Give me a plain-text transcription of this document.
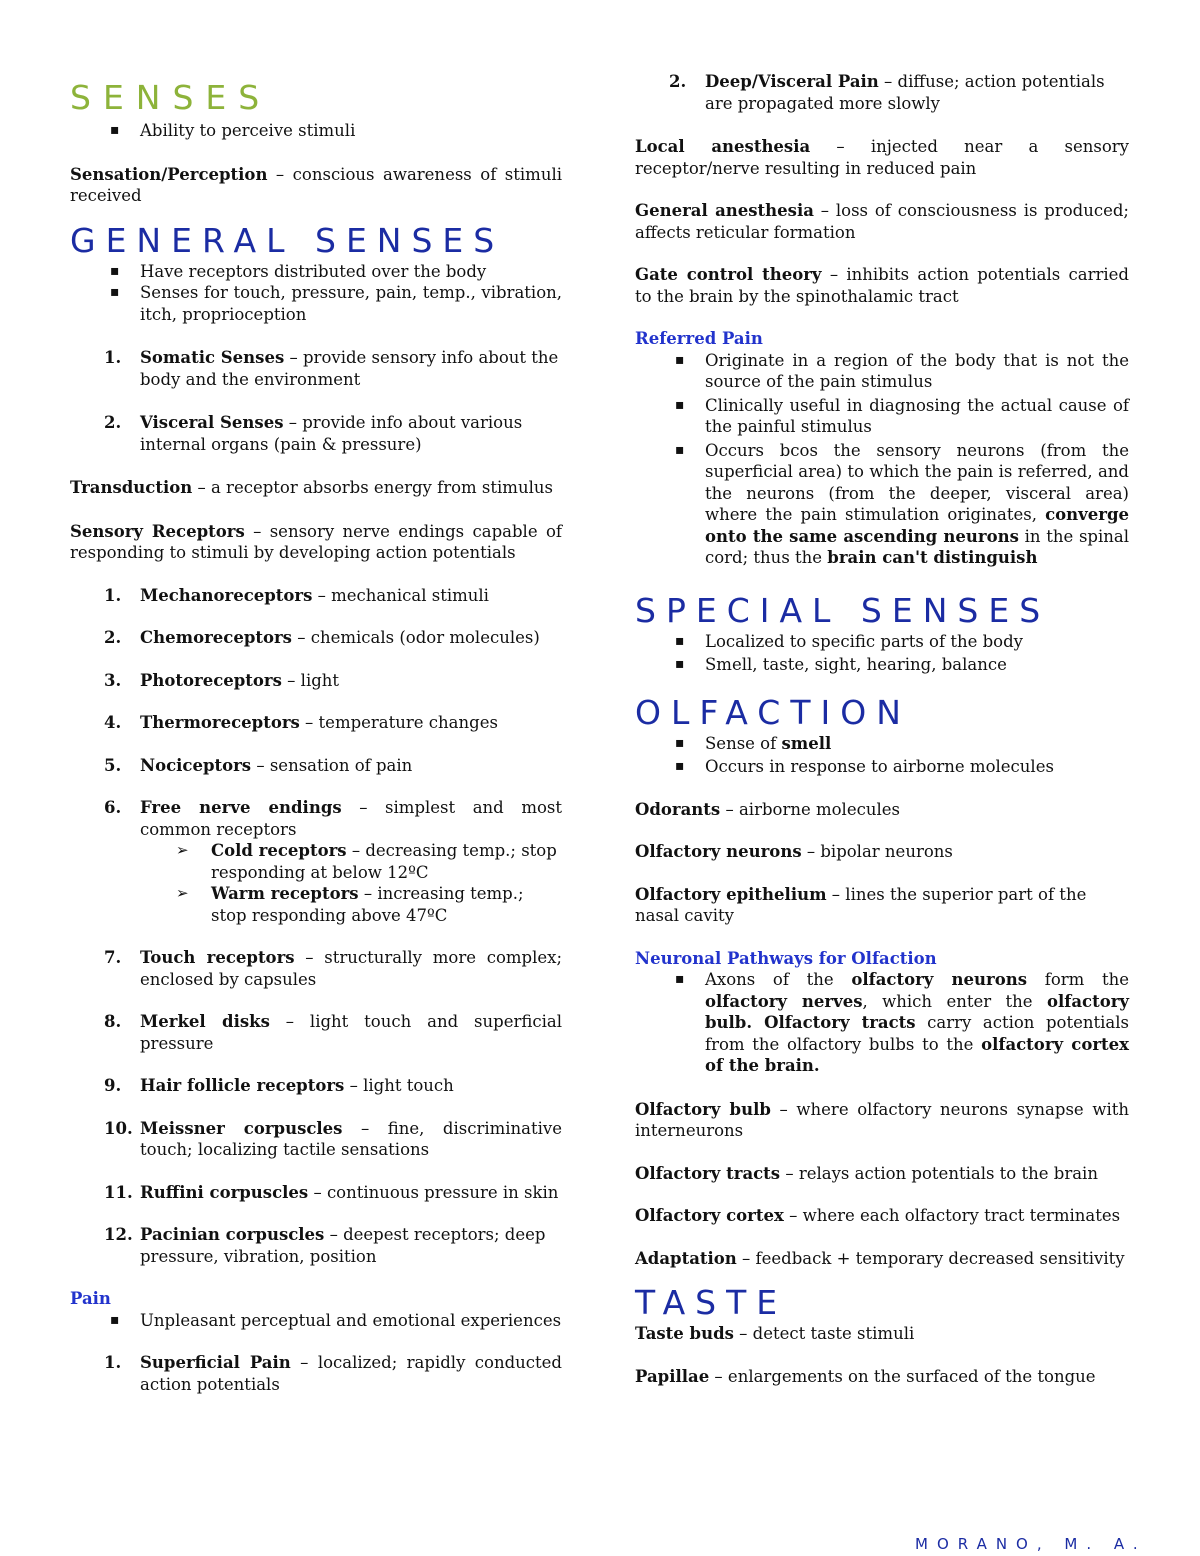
SENSES

▪ Ability to perceive stimuli

Sensation/Perception – conscious awareness of stimuli received

GENERAL SENSES

▪ Have receptors distributed over the body

▪ Senses for touch, pressure, pain, temp., vibration, itch, proprioception

1. Somatic Senses – provide sensory info about the body and the environment

2. Visceral Senses – provide info about various internal organs (pain & pressure)

Transduction – a receptor absorbs energy from stimulus

Sensory Receptors – sensory nerve endings capable of responding to stimuli by developing action potentials

1. Mechanoreceptors – mechanical stimuli

2. Chemoreceptors – chemicals (odor molecules)

3. Photoreceptors – light

4. Thermoreceptors – temperature changes

5. Nociceptors – sensation of pain

6. Free nerve endings – simplest and most common receptors

➢ Cold receptors – decreasing temp.; stop responding at below 12ºC

➢ Warm receptors – increasing temp.; stop responding above 47ºC

7. Touch receptors – structurally more complex; enclosed by capsules

8. Merkel disks – light touch and superficial pressure

9. Hair follicle receptors – light touch

10. Meissner corpuscles – fine, discriminative touch; localizing tactile sensations

11. Ruffini corpuscles – continuous pressure in skin

12. Pacinian corpuscles – deepest receptors; deep pressure, vibration, position

Pain

▪ Unpleasant perceptual and emotional experiences

1. Superficial Pain – localized; rapidly conducted action potentials

2. Deep/Visceral Pain – diffuse; action potentials are propagated more slowly

Local anesthesia – injected near a sensory receptor/nerve resulting in reduced pain

General anesthesia – loss of consciousness is produced; affects reticular formation

Gate control theory – inhibits action potentials carried to the brain by the spinothalamic tract

Referred Pain

▪ Originate in a region of the body that is not the source of the pain stimulus

▪ Clinically useful in diagnosing the actual cause of the painful stimulus

▪ Occurs bcos the sensory neurons (from the superficial area) to which the pain is referred, and the neurons (from the deeper, visceral area) where the pain stimulation originates, converge onto the same ascending neurons in the spinal cord; thus the brain can't distinguish

SPECIAL SENSES

▪ Localized to specific parts of the body

▪ Smell, taste, sight, hearing, balance

OLFACTION

▪ Sense of smell

▪ Occurs in response to airborne molecules

Odorants – airborne molecules

Olfactory neurons – bipolar neurons

Olfactory epithelium – lines the superior part of the nasal cavity

Neuronal Pathways for Olfaction

▪ Axons of the olfactory neurons form the olfactory nerves, which enter the olfactory bulb. Olfactory tracts carry action potentials from the olfactory bulbs to the olfactory cortex of the brain.

Olfactory bulb – where olfactory neurons synapse with interneurons

Olfactory tracts – relays action potentials to the brain

Olfactory cortex – where each olfactory tract terminates

Adaptation – feedback + temporary decreased sensitivity

TASTE

Taste buds – detect taste stimuli

Papillae – enlargements on the surfaced of the tongue

MORANO, M. A.
